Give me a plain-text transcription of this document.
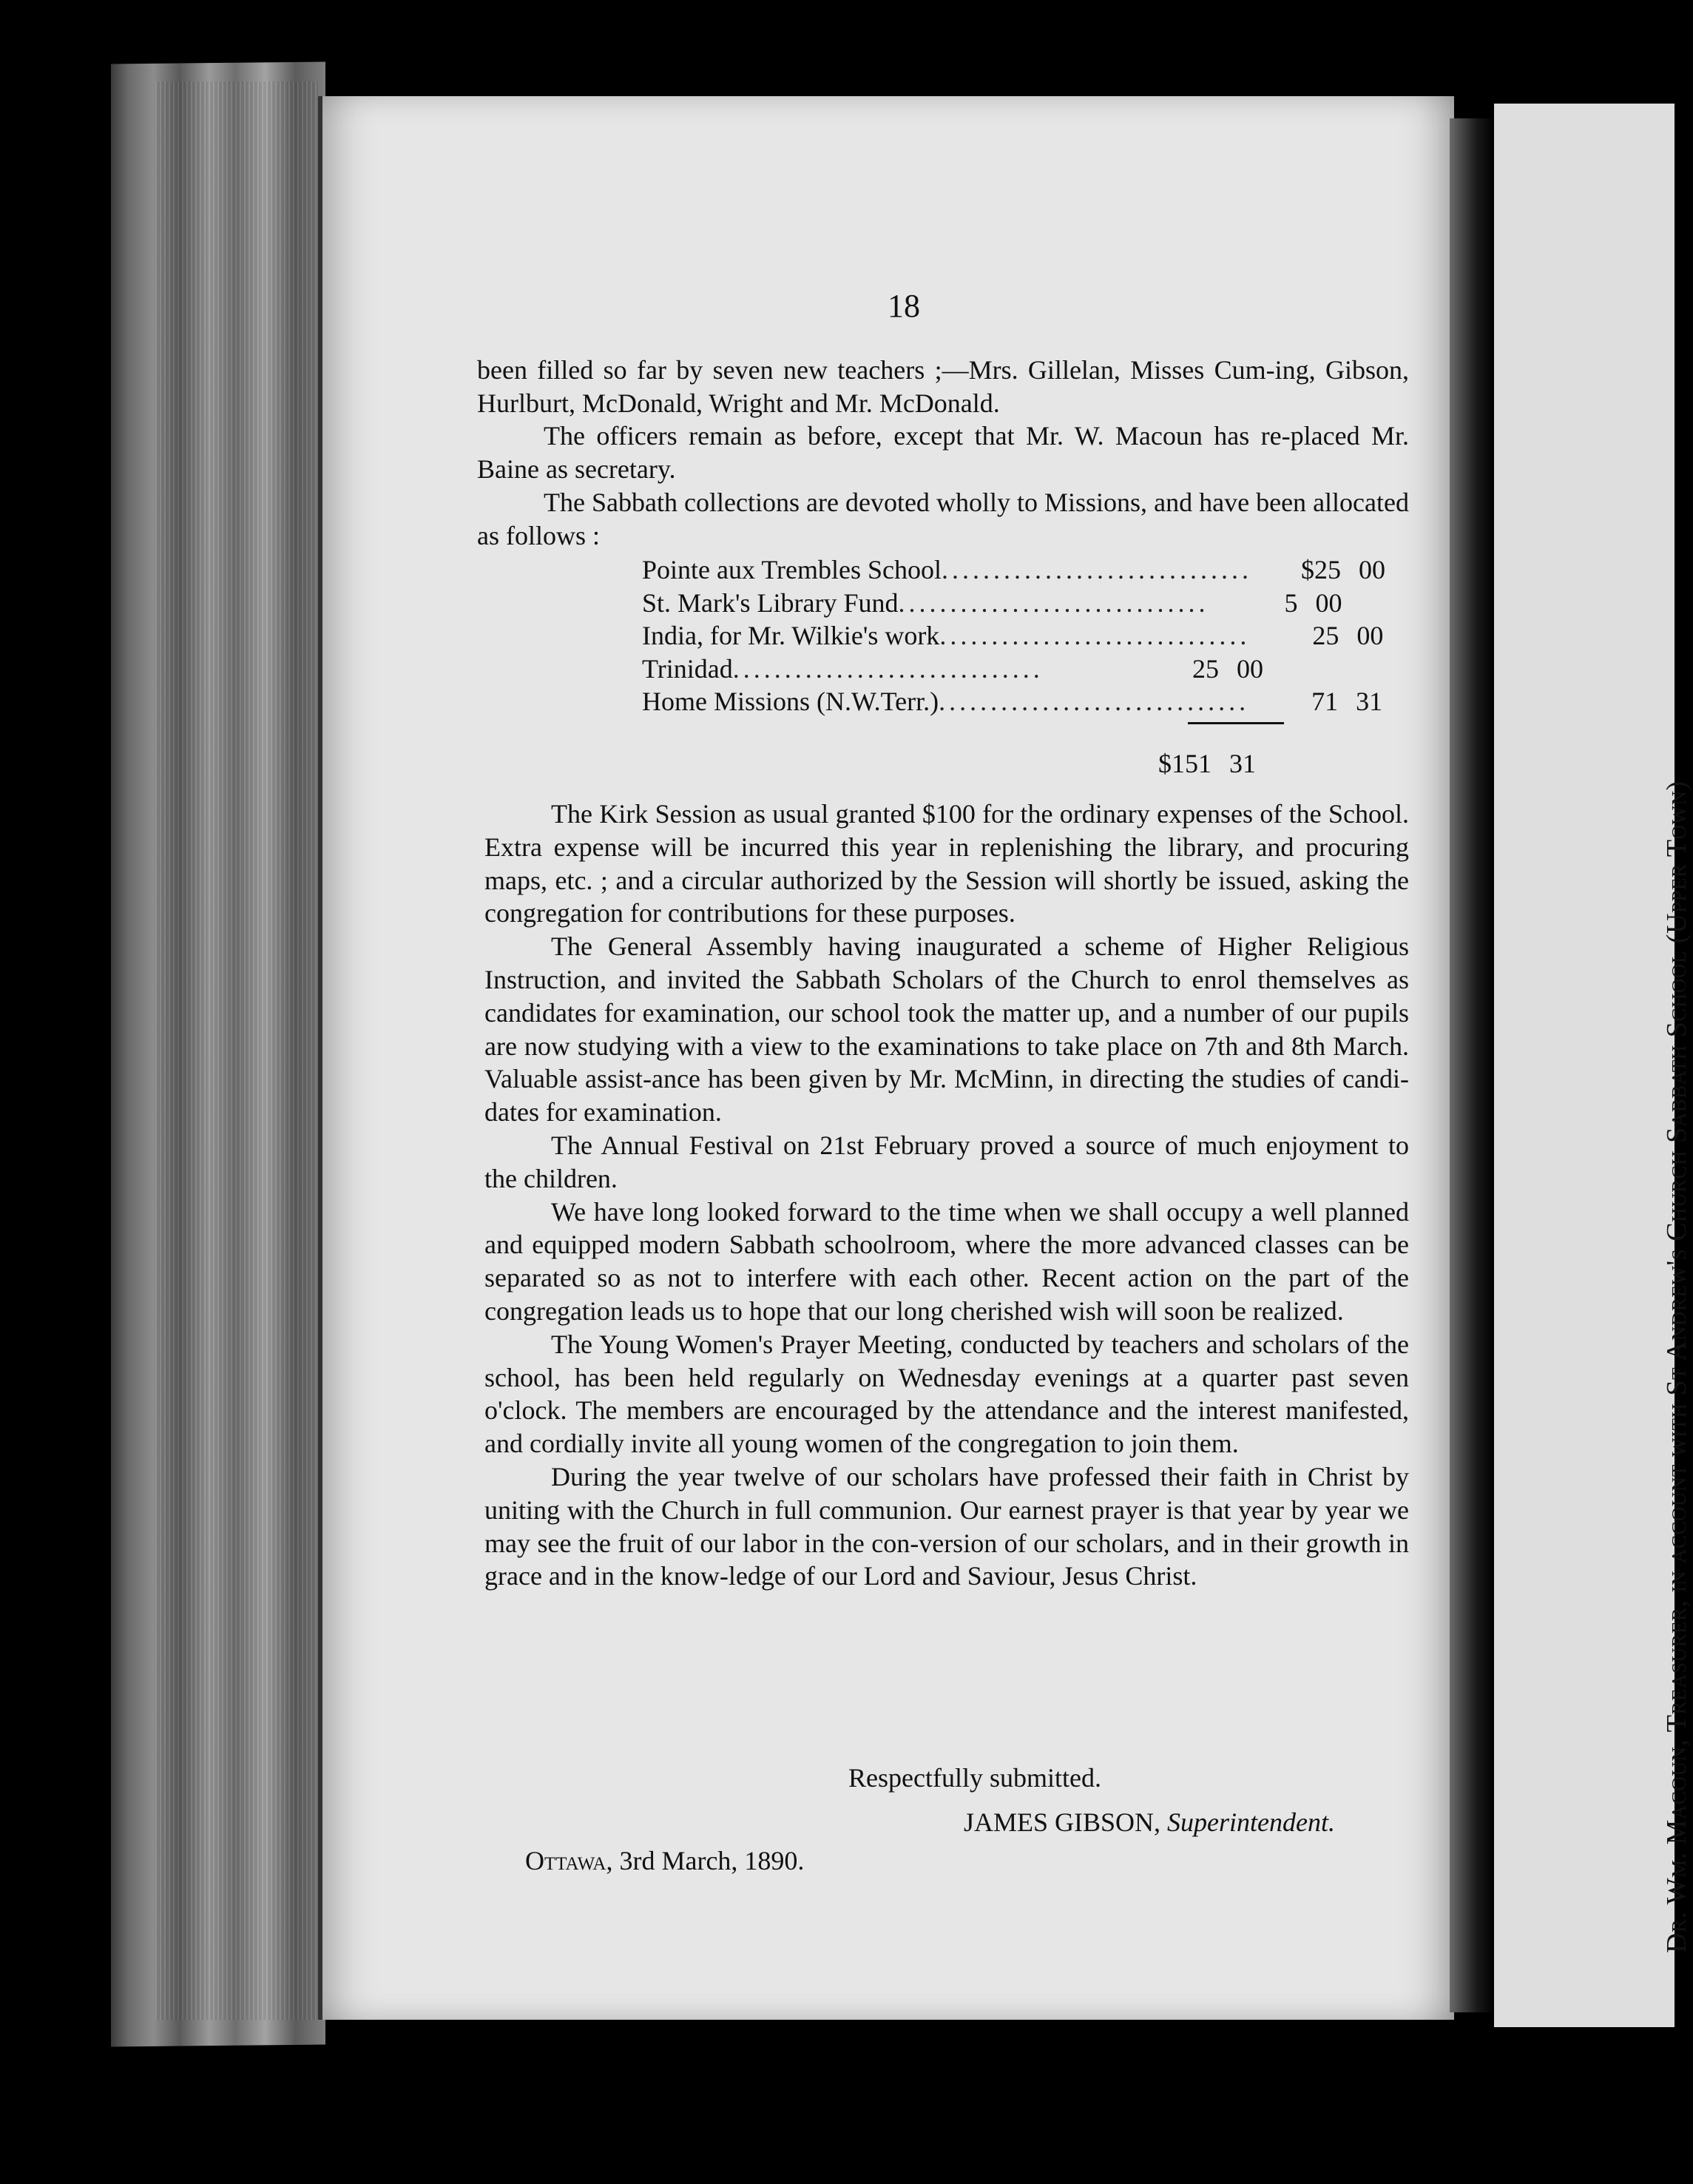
Dr. Wm. Macoun, Treasurer, in account with St Andrew's Church Sabbath School (Upper Town)
18

been filled so far by seven new teachers ;—Mrs. Gillelan, Misses Cum-ing, Gibson, Hurlburt, McDonald, Wright and Mr. McDonald.

The officers remain as before, except that Mr. W. Macoun has re-placed Mr. Baine as secretary.

The Sabbath collections are devoted wholly to Missions, and have been allocated as follows :

Pointe aux Trembles School ..............................	$25 00
St. Mark's Library Fund ..............................	5 00
India, for Mr. Wilkie's work ..............................	25 00
Trinidad ..............................	25 00
Home Missions (N.W.Terr.) ..............................	71 31
$151 31

The Kirk Session as usual granted $100 for the ordinary expenses of the School. Extra expense will be incurred this year in replenishing the library, and procuring maps, etc. ; and a circular authorized by the Session will shortly be issued, asking the congregation for contributions for these purposes.

The General Assembly having inaugurated a scheme of Higher Religious Instruction, and invited the Sabbath Scholars of the Church to enrol themselves as candidates for examination, our school took the matter up, and a number of our pupils are now studying with a view to the examinations to take place on 7th and 8th March. Valuable assist-ance has been given by Mr. McMinn, in directing the studies of candi-dates for examination.

The Annual Festival on 21st February proved a source of much enjoyment to the children.

We have long looked forward to the time when we shall occupy a well planned and equipped modern Sabbath schoolroom, where the more advanced classes can be separated so as not to interfere with each other. Recent action on the part of the congregation leads us to hope that our long cherished wish will soon be realized.

The Young Women's Prayer Meeting, conducted by teachers and scholars of the school, has been held regularly on Wednesday evenings at a quarter past seven o'clock. The members are encouraged by the attendance and the interest manifested, and cordially invite all young women of the congregation to join them.

During the year twelve of our scholars have professed their faith in Christ by uniting with the Church in full communion. Our earnest prayer is that year by year we may see the fruit of our labor in the con-version of our scholars, and in their growth in grace and in the know-ledge of our Lord and Saviour, Jesus Christ.

Respectfully submitted.
JAMES GIBSON, Superintendent.
Ottawa, 3rd March, 1890.
